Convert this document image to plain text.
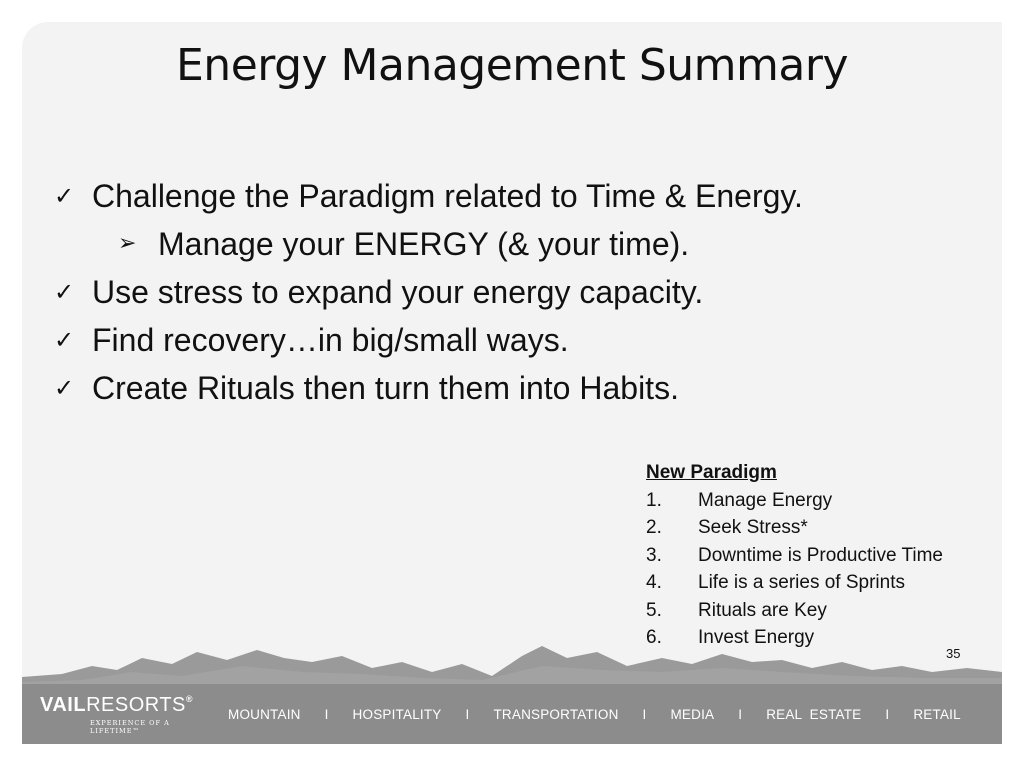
Energy Management Summary

✓ Challenge the Paradigm related to Time & Energy.

➢ Manage your ENERGY (& your time).

✓ Use stress to expand your energy capacity.

✓ Find recovery…in big/small ways.

✓ Create Rituals then turn them into Habits.

New Paradigm

1. Manage Energy
2. Seek Stress*
3. Downtime is Productive Time
4. Life is a series of Sprints
5. Rituals are Key
6. Invest Energy
35
VAILRESORTS®
EXPERIENCE OF A LIFETIME™
MOUNTAIN I HOSPITALITY I TRANSPORTATION I MEDIA I REAL  ESTATE I RETAIL
